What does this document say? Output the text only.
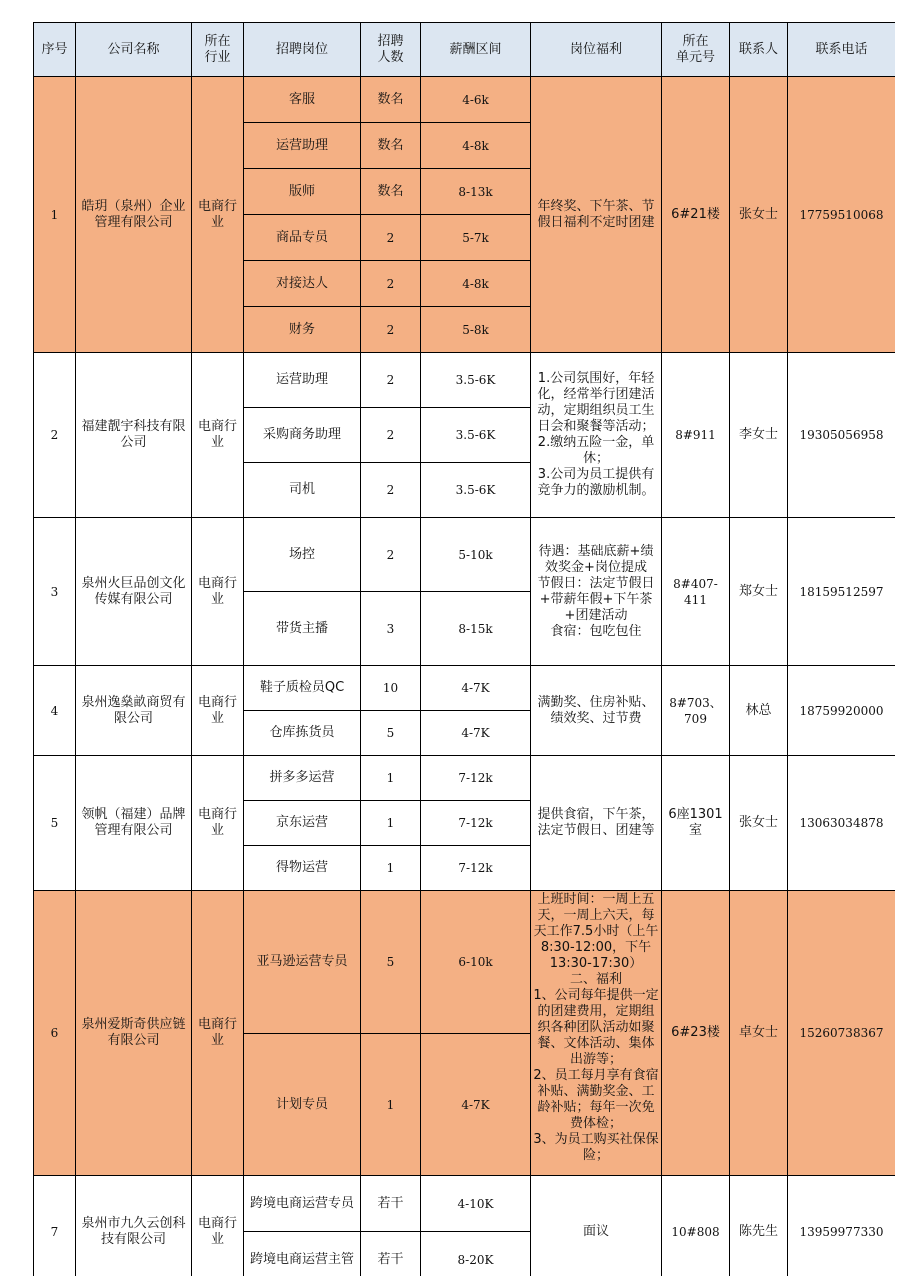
序号	公司名称	所在
行业	招聘岗位	招聘
人数	薪酬区间	岗位福利	所在
单元号	联系人	联系电话
1	皓玥（泉州）企业管理有限公司	电商行业	客服	数名	4-6k	年终奖、下午茶、节假日福利不定时团建	6#21楼	张女士	17759510068
			运营助理	数名	4-8k				
			版师	数名	8-13k				
			商品专员	2	5-7k				
			对接达人	2	4-8k				
			财务	2	5-8k				
2	福建靓宇科技有限公司	电商行业	运营助理	2	3.5-6K	1.公司氛围好，年轻化，经常举行团建活动，定期组织员工生日会和聚餐等活动；
2.缴纳五险一金，单休；
3.公司为员工提供有竞争力的激励机制。	8#911	李女士	19305056958
			采购商务助理	2	3.5-6K				
			司机	2	3.5-6K				
3	泉州火巨品创文化传媒有限公司	电商行业	场控	2	5-10k	待遇：基础底薪+绩效奖金+岗位提成
节假日：法定节假日+带薪年假+下午茶+团建活动
食宿：包吃包住	8#407-411	郑女士	18159512597
			带货主播	3	8-15k				
4	泉州逸燊畝商贸有限公司	电商行业	鞋子质检员QC	10	4-7K	满勤奖、住房补贴、绩效奖、过节费	8#703、709	林总	18759920000
			仓库拣货员	5	4-7K				
5	领帆（福建）品牌管理有限公司	电商行业	拼多多运营	1	7-12k	提供食宿，下午茶，法定节假日、团建等	6座1301室	张女士	13063034878
			京东运营	1	7-12k				
			得物运营	1	7-12k				
6	泉州爱斯奇供应链有限公司	电商行业	亚马逊运营专员	5	6-10k	上班时间：一周上五天，一周上六天，每天工作7.5小时（上午8:30-12:00，下午13:30-17:30）
二、福利
1、公司每年提供一定的团建费用，定期组织各种团队活动如聚餐、文体活动、集体出游等；
2、员工每月享有食宿补贴、满勤奖金、工龄补贴；每年一次免费体检；
3、为员工购买社保保险；	6#23楼	卓女士	15260738367
			计划专员	1	4-7K				
7	泉州市九久云创科技有限公司	电商行业	跨境电商运营专员	若干	4-10K	面议	10#808	陈先生	13959977330
			跨境电商运营主管	若干	8-20K				
